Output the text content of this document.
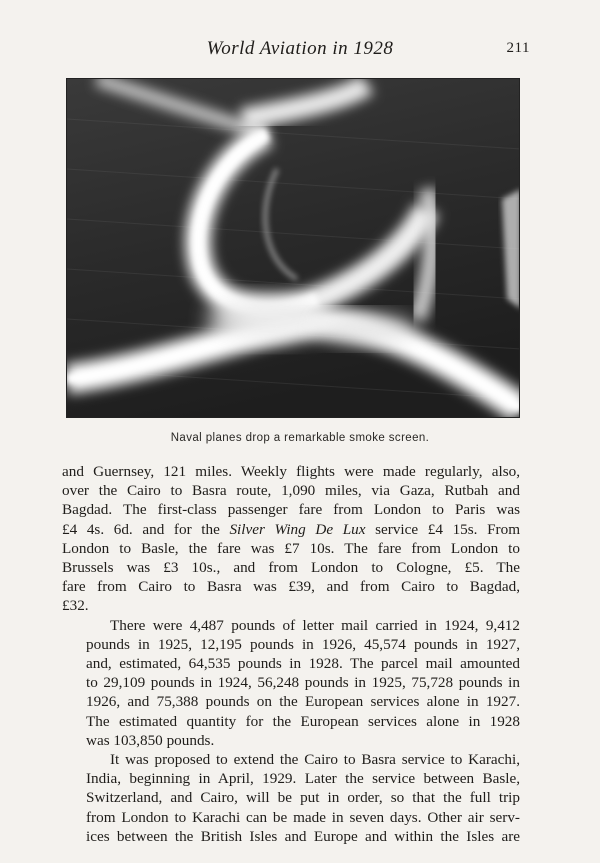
World Aviation in 1928	211
Naval planes drop a remarkable smoke screen.

and Guernsey, 121 miles. Weekly flights were made regularly, also,
over the Cairo to Basra route, 1,090 miles, via Gaza, Rutbah and
Bagdad. The first-class passenger fare from London to Paris was
£4 4s. 6d. and for the Silver Wing De Lux service £4 15s. From
London to Basle, the fare was £7 10s. The fare from London to
Brussels was £3 10s., and from London to Cologne, £5. The
fare from Cairo to Basra was £39, and from Cairo to Bagdad,
£32.

There were 4,487 pounds of letter mail carried in 1924, 9,412
pounds in 1925, 12,195 pounds in 1926, 45,574 pounds in 1927,
and, estimated, 64,535 pounds in 1928. The parcel mail amounted
to 29,109 pounds in 1924, 56,248 pounds in 1925, 75,728 pounds in
1926, and 75,388 pounds on the European services alone in 1927.
The estimated quantity for the European services alone in 1928
was 103,850 pounds.

It was proposed to extend the Cairo to Basra service to Karachi,
India, beginning in April, 1929. Later the service between Basle,
Switzerland, and Cairo, will be put in order, so that the full trip
from London to Karachi can be made in seven days. Other air serv-
ices between the British Isles and Europe and within the Isles are
